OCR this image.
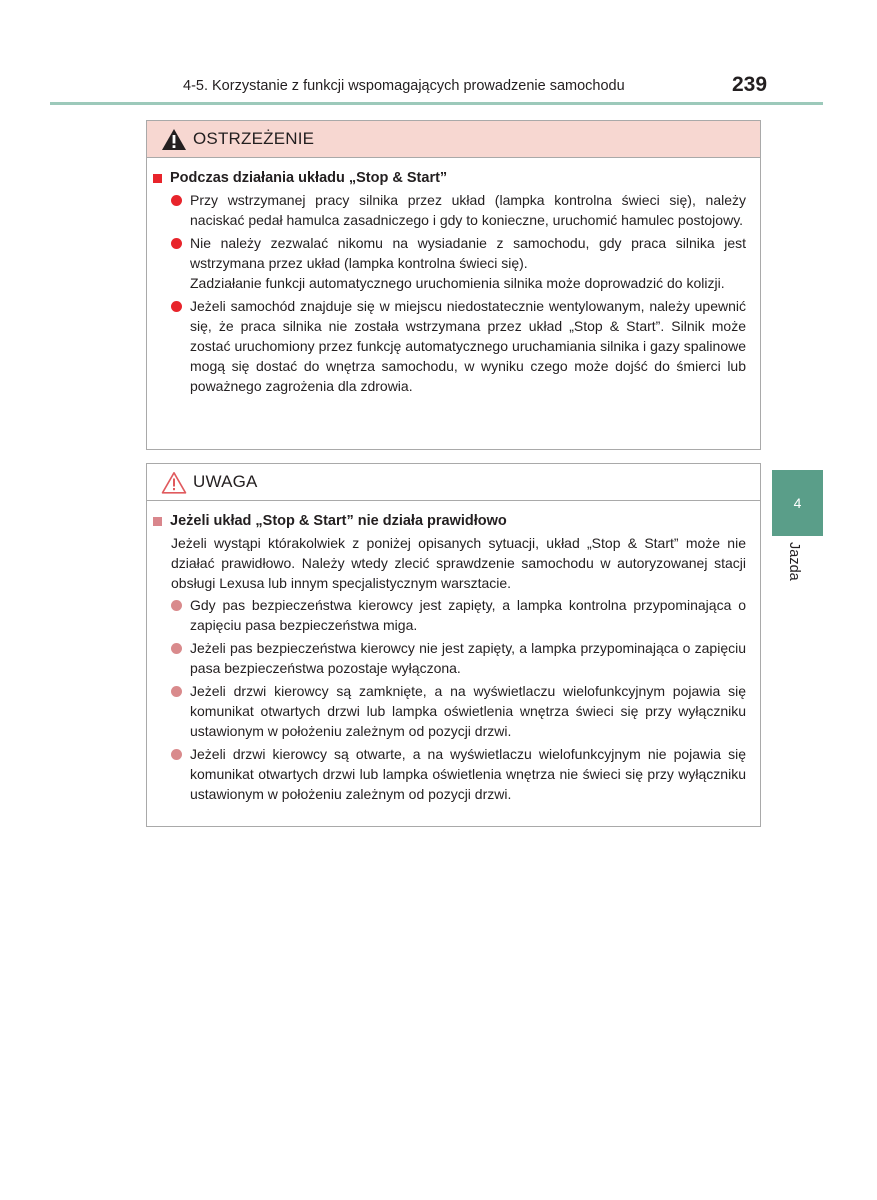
4-5. Korzystanie z funkcji wspomagających prowadzenie samochodu	239
4
Jazda
OSTRZEŻENIE
Podczas działania układu „Stop & Start”
Przy wstrzymanej pracy silnika przez układ (lampka kontrolna świeci się), należy naciskać pedał hamulca zasadniczego i gdy to konieczne, uruchomić hamulec postojowy.
Nie należy zezwalać nikomu na wysiadanie z samochodu, gdy praca silnika jest wstrzymana przez układ (lampka kontrolna świeci się).
Zadziałanie funkcji automatycznego uruchomienia silnika może doprowadzić do kolizji.
Jeżeli samochód znajduje się w miejscu niedostatecznie wentylowanym, należy upewnić się, że praca silnika nie została wstrzymana przez układ „Stop & Start”. Silnik może zostać uruchomiony przez funkcję automatycznego uruchamiania silnika i gazy spalinowe mogą się dostać do wnętrza samochodu, w wyniku czego może dojść do śmierci lub poważnego zagrożenia dla zdrowia.
UWAGA
Jeżeli układ „Stop & Start” nie działa prawidłowo
Jeżeli wystąpi którakolwiek z poniżej opisanych sytuacji, układ „Stop & Start” może nie działać prawidłowo. Należy wtedy zlecić sprawdzenie samochodu w autoryzowanej stacji obsługi Lexusa lub innym specjalistycznym warsztacie.
Gdy pas bezpieczeństwa kierowcy jest zapięty, a lampka kontrolna przypominająca o zapięciu pasa bezpieczeństwa miga.
Jeżeli pas bezpieczeństwa kierowcy nie jest zapięty, a lampka przypominająca o zapięciu pasa bezpieczeństwa pozostaje wyłączona.
Jeżeli drzwi kierowcy są zamknięte, a na wyświetlaczu wielofunkcyjnym pojawia się komunikat otwartych drzwi lub lampka oświetlenia wnętrza świeci się przy wyłączniku ustawionym w położeniu zależnym od pozycji drzwi.
Jeżeli drzwi kierowcy są otwarte, a na wyświetlaczu wielofunkcyjnym nie pojawia się komunikat otwartych drzwi lub lampka oświetlenia wnętrza nie świeci się przy wyłączniku ustawionym w położeniu zależnym od pozycji drzwi.
